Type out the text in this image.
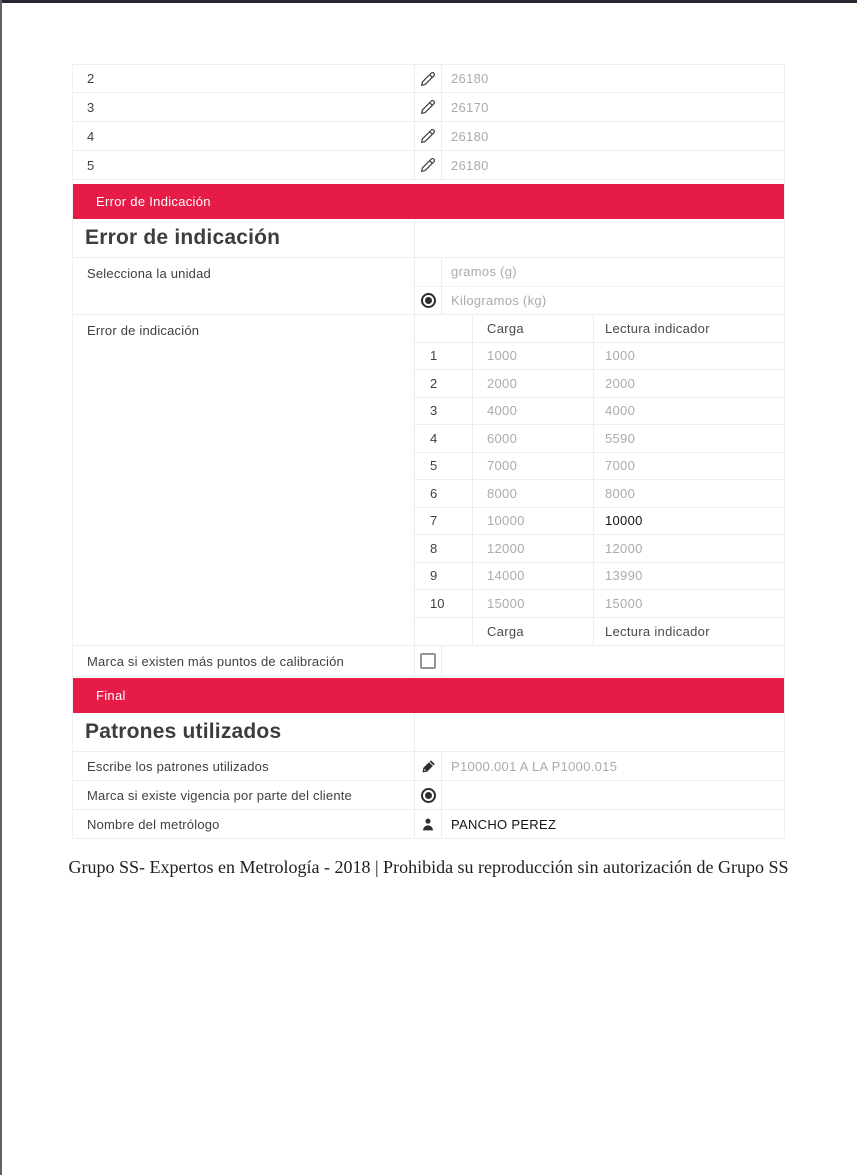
2	26180
3	26170
4	26180
5	26180
Error de Indicación
Error de indicación
Selecciona la unidad	gramos (g)
Kilogramos (kg)
Error de indicación	Carga	Lectura indicador
1	1000	1000
2	2000	2000
3	4000	4000
4	6000	5590
5	7000	7000
6	8000	8000
7	10000	10000
8	12000	12000
9	14000	13990
10	15000	15000
Carga	Lectura indicador
Marca si existen más puntos de calibración
Final
Patrones utilizados
Escribe los patrones utilizados	P1000.001 A LA P1000.015
Marca si existe vigencia por parte del cliente
Nombre del metrólogo	PANCHO PEREZ
Grupo SS- Expertos en Metrología - 2018 | Prohibida su reproducción sin autorización de Grupo SS
